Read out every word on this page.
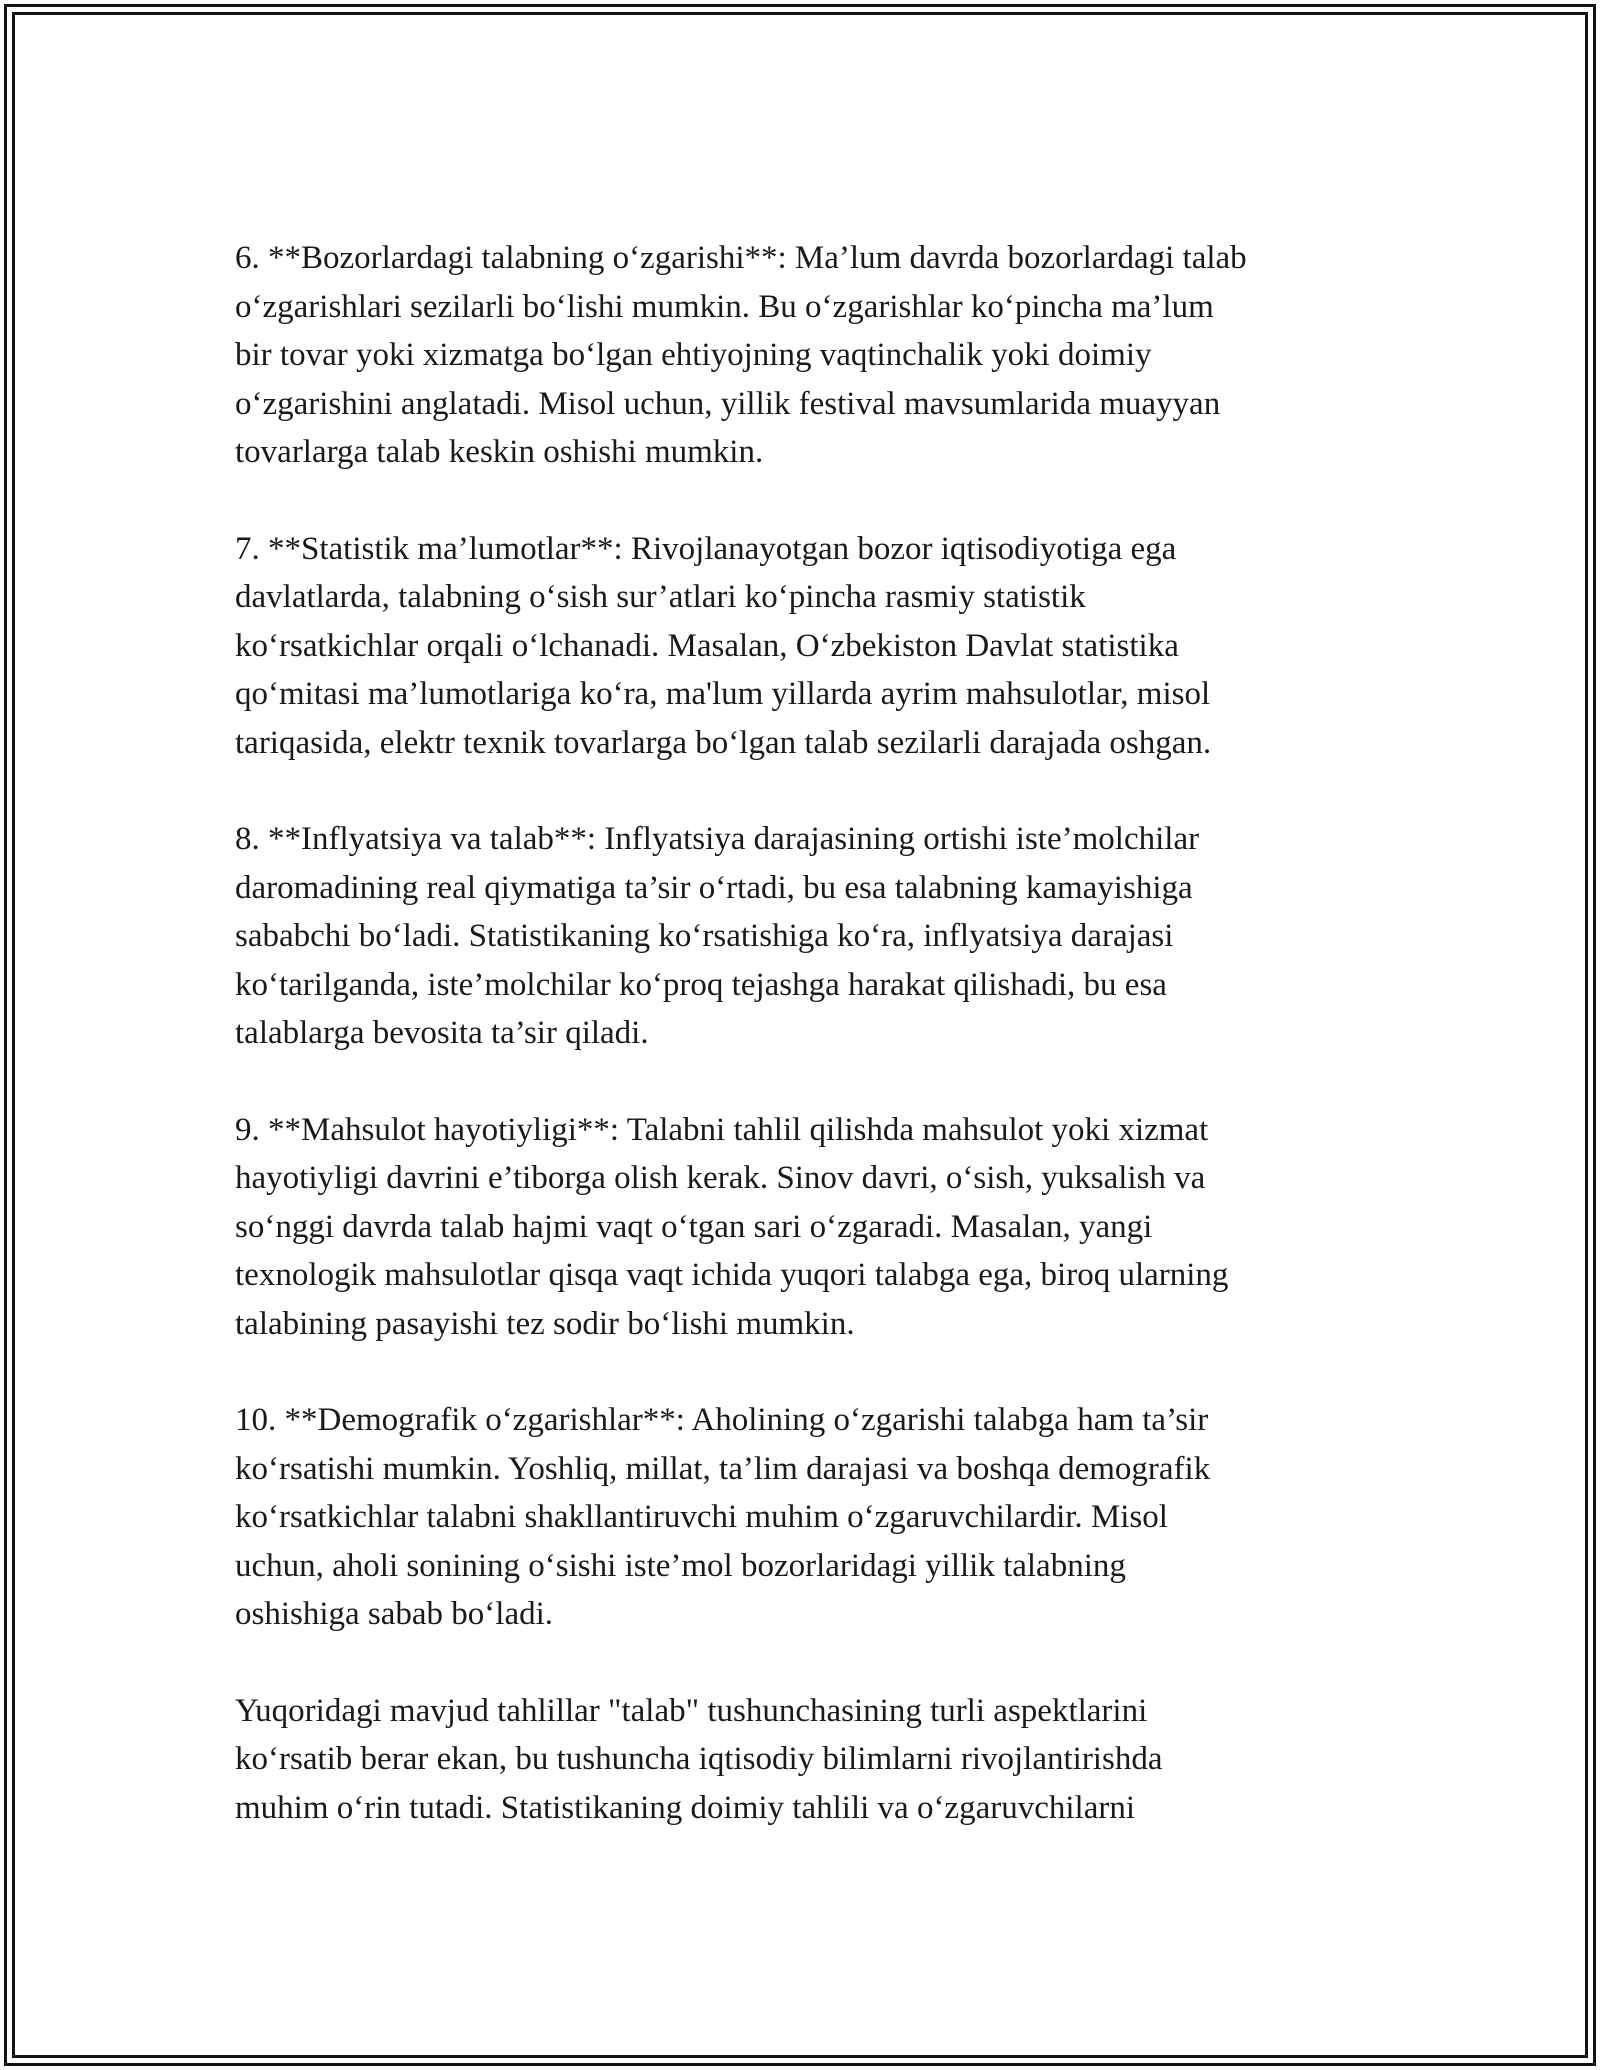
6. **Bozorlardagi talabning o‘zgarishi**: Ma’lum davrda bozorlardagi talab
o‘zgarishlari sezilarli bo‘lishi mumkin. Bu o‘zgarishlar ko‘pincha ma’lum
bir tovar yoki xizmatga bo‘lgan ehtiyojning vaqtinchalik yoki doimiy
o‘zgarishini anglatadi. Misol uchun, yillik festival mavsumlarida muayyan
tovarlarga talab keskin oshishi mumkin.

7. **Statistik ma’lumotlar**: Rivojlanayotgan bozor iqtisodiyotiga ega
davlatlarda, talabning o‘sish sur’atlari ko‘pincha rasmiy statistik
ko‘rsatkichlar orqali o‘lchanadi. Masalan, O‘zbekiston Davlat statistika
qo‘mitasi ma’lumotlariga ko‘ra, ma'lum yillarda ayrim mahsulotlar, misol
tariqasida, elektr texnik tovarlarga bo‘lgan talab sezilarli darajada oshgan.

8. **Inflyatsiya va talab**: Inflyatsiya darajasining ortishi iste’molchilar
daromadining real qiymatiga ta’sir o‘rtadi, bu esa talabning kamayishiga
sababchi bo‘ladi. Statistikaning ko‘rsatishiga ko‘ra, inflyatsiya darajasi
ko‘tarilganda, iste’molchilar ko‘proq tejashga harakat qilishadi, bu esa
talablarga bevosita ta’sir qiladi.

9. **Mahsulot hayotiyligi**: Talabni tahlil qilishda mahsulot yoki xizmat
hayotiyligi davrini e’tiborga olish kerak. Sinov davri, o‘sish, yuksalish va
so‘nggi davrda talab hajmi vaqt o‘tgan sari o‘zgaradi. Masalan, yangi
texnologik mahsulotlar qisqa vaqt ichida yuqori talabga ega, biroq ularning
talabining pasayishi tez sodir bo‘lishi mumkin.

10. **Demografik o‘zgarishlar**: Aholining o‘zgarishi talabga ham ta’sir
ko‘rsatishi mumkin. Yoshliq, millat, ta’lim darajasi va boshqa demografik
ko‘rsatkichlar talabni shakllantiruvchi muhim o‘zgaruvchilardir. Misol
uchun, aholi sonining o‘sishi iste’mol bozorlaridagi yillik talabning
oshishiga sabab bo‘ladi.

Yuqoridagi mavjud tahlillar "talab" tushunchasining turli aspektlarini
ko‘rsatib berar ekan, bu tushuncha iqtisodiy bilimlarni rivojlantirishda
muhim o‘rin tutadi. Statistikaning doimiy tahlili va o‘zgaruvchilarni
